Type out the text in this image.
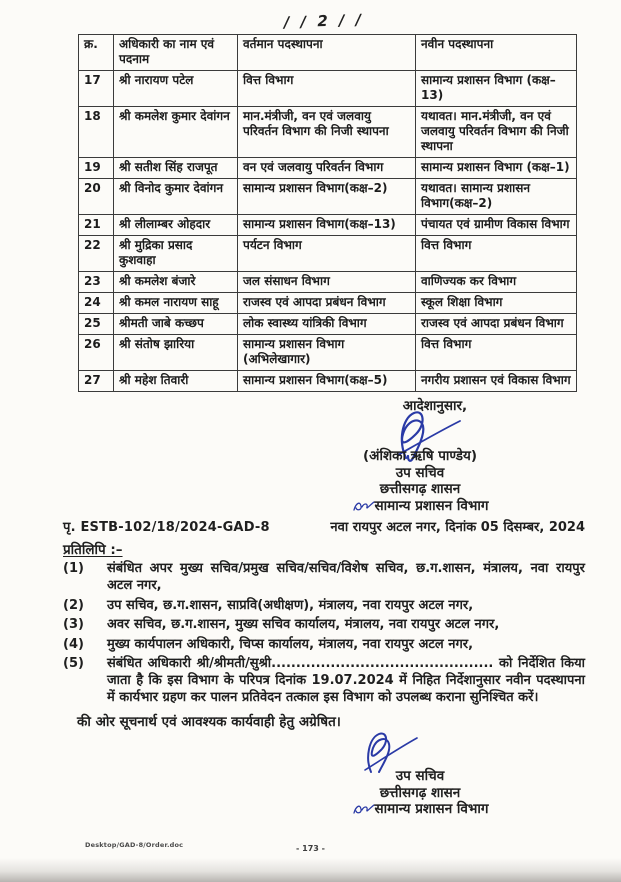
/ / 2 / /
क्र.	अधिकारी का नाम एवं पदनाम	वर्तमान पदस्थापना	नवीन पदस्थापना
17	श्री नारायण पटेल	वित्त विभाग	सामान्य प्रशासन विभाग (कक्ष–13)
18	श्री कमलेश कुमार देवांगन	मान.मंत्रीजी, वन एवं जलवायु परिवर्तन विभाग की निजी स्थापना	यथावत। मान.मंत्रीजी, वन एवं जलवायु परिवर्तन विभाग की निजी स्थापना
19	श्री सतीश सिंह राजपूत	वन एवं जलवायु परिवर्तन विभाग	सामान्य प्रशासन विभाग (कक्ष–1)
20	श्री विनोद कुमार देवांगन	सामान्य प्रशासन विभाग(कक्ष–2)	यथावत। सामान्य प्रशासन विभाग(कक्ष–2)
21	श्री लीलाम्बर ओहदार	सामान्य प्रशासन विभाग(कक्ष–13)	पंचायत एवं ग्रामीण विकास विभाग
22	श्री मुद्रिका प्रसाद कुशवाहा	पर्यटन विभाग	वित्त विभाग
23	श्री कमलेश बंजारे	जल संसाधन विभाग	वाणिज्यक कर विभाग
24	श्री कमल नारायण साहू	राजस्व एवं आपदा प्रबंधन विभाग	स्कूल शिक्षा विभाग
25	श्रीमती जाबे कच्छप	लोक स्वास्थ्य यांत्रिकी विभाग	राजस्व एवं आपदा प्रबंधन विभाग
26	श्री संतोष झारिया	सामान्य प्रशासन विभाग (अभिलेखागार)	वित्त विभाग
27	श्री महेश तिवारी	सामान्य प्रशासन विभाग(कक्ष–5)	नगरीय प्रशासन एवं विकास विभाग
आदेशानुसार,
(अंशिका ऋषि पाण्डेय)
उप सचिव
छत्तीसगढ़ शासन
सामान्य प्रशासन विभाग
पृ. ESTB-102/18/2024-GAD-8	नवा रायपुर अटल नगर, दिनांक 05 दिसम्बर, 2024
प्रतिलिपि :–
(1)	संबंधित अपर मुख्य सचिव/प्रमुख सचिव/सचिव/विशेष सचिव, छ.ग.शासन, मंत्रालय, नवा रायपुर अटल नगर,
(2)	उप सचिव, छ.ग.शासन, साप्रवि(अधीक्षण), मंत्रालय, नवा रायपुर अटल नगर,
(3)	अवर सचिव, छ.ग.शासन, मुख्य सचिव कार्यालय, मंत्रालय, नवा रायपुर अटल नगर,
(4)	मुख्य कार्यपालन अधिकारी, चिप्स कार्यालय, मंत्रालय, नवा रायपुर अटल नगर,
(5)	संबंधित अधिकारी श्री/श्रीमती/सुश्री............................................. को निर्देशित किया जाता है कि इस विभाग के परिपत्र दिनांक 19.07.2024 में निहित निर्देशानुसार नवीन पदस्थापना में कार्यभार ग्रहण कर पालन प्रतिवेदन तत्काल इस विभाग को उपलब्ध कराना सुनिश्चित करें।
की ओर सूचनार्थ एवं आवश्यक कार्यवाही हेतु अग्रेषित।
उप सचिव
छत्तीसगढ़ शासन
सामान्य प्रशासन विभाग
Desktop/GAD-8/Order.doc	- 173 -
